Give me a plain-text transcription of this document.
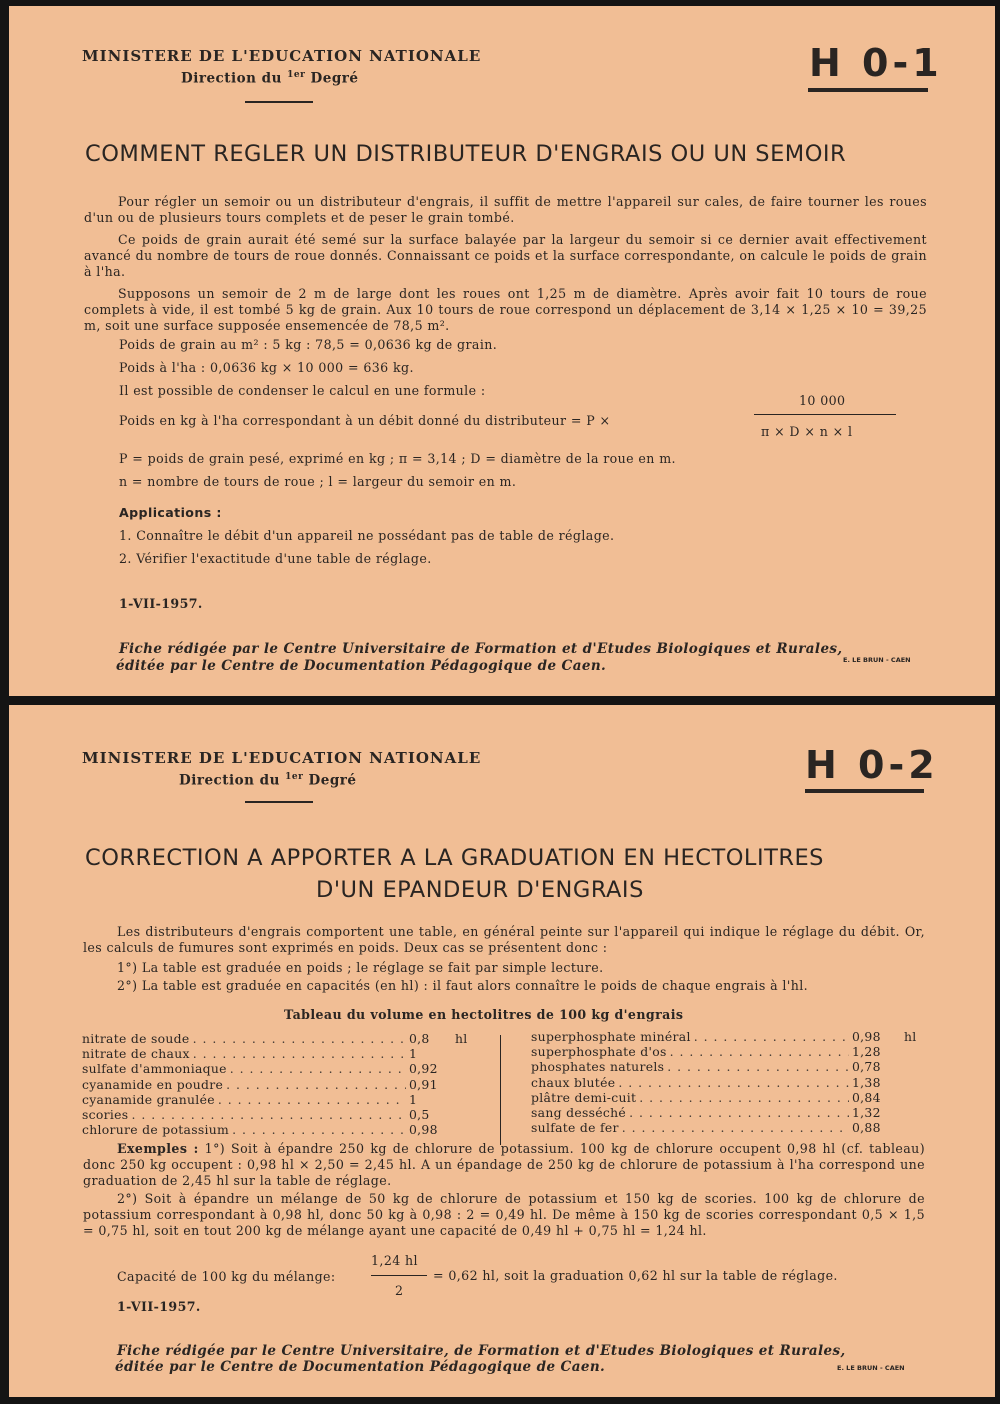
MINISTERE DE L'EDUCATION NATIONALE

Direction du $^{1er}$ Degré	H 0-1

COMMENT REGLER UN DISTRIBUTEUR D'ENGRAIS OU UN SEMOIR

Pour régler un semoir ou un distributeur d'engrais, il suffit de mettre l'appareil sur cales, de faire tourner les roues d'un ou de plusieurs tours complets et de peser le grain tombé.

Ce poids de grain aurait été semé sur la surface balayée par la largeur du semoir si ce dernier avait effectivement avancé du nombre de tours de roue donnés. Connaissant ce poids et la surface correspondante, on calcule le poids de grain à l'ha.

Supposons un semoir de 2 m de large dont les roues ont 1,25 m de diamètre. Après avoir fait 10 tours de roue complets à vide, il est tombé 5 kg de grain. Aux 10 tours de roue correspond un déplacement de 3,14 × 1,25 × 10 = 39,25 m, soit une surface supposée ensemencée de 78,5 m².

Poids de grain au m² : 5 kg : 78,5 = 0,0636 kg de grain.

Poids à l'ha : 0,0636 kg × 10 000 = 636 kg.

Il est possible de condenser le calcul en une formule :

Poids en kg à l'ha correspondant à un débit donné du distributeur = P ×

10 000

π × D × n × l

P = poids de grain pesé, exprimé en kg ; π = 3,14 ; D = diamètre de la roue en m.

n = nombre de tours de roue ; l = largeur du semoir en m.

Applications :

1. Connaître le débit d'un appareil ne possédant pas de table de réglage.

2. Vérifier l'exactitude d'une table de réglage.

1-VII-1957.

Fiche rédigée par le Centre Universitaire de Formation et d'Etudes Biologiques et Rurales,

éditée par le Centre de Documentation Pédagogique de Caen.	E. LE BRUN - CAEN

MINISTERE DE L'EDUCATION NATIONALE

Direction du $^{1er}$ Degré	H 0-2

CORRECTION A APPORTER A LA GRADUATION EN HECTOLITRES

D'UN EPANDEUR D'ENGRAIS

Les distributeurs d'engrais comportent une table, en général peinte sur l'appareil qui indique le réglage du débit. Or, les calculs de fumures sont exprimés en poids. Deux cas se présentent donc :

1°) La table est graduée en poids ; le réglage se fait par simple lecture.

2°) La table est graduée en capacités (en hl) : il faut alors connaître le poids de chaque engrais à l'hl.

Tableau du volume en hectolitres de 100 kg d'engrais

nitrate de soude . . .	0,8	hl
nitrate de chaux . . .	1
sulfate d'ammoniaque . . .	0,92
cyanamide en poudre . . .	0,91
cyanamide granulée . . .	1
scories . . .	0,5
chlorure de potassium . . .	0,98
superphosphate minéral . . .	0,98	hl
superphosphate d'os . . .	1,28
phosphates naturels . . .	0,78
chaux blutée . . .	1,38
plâtre demi-cuit . . .	0,84
sang desséché . . .	1,32
sulfate de fer . . .	0,88

Exemples : 1°) Soit à épandre 250 kg de chlorure de potassium. 100 kg de chlorure occupent 0,98 hl (cf. tableau) donc 250 kg occupent : 0,98 hl × 2,50 = 2,45 hl. A un épandage de 250 kg de chlorure de potassium à l'ha correspond une graduation de 2,45 hl sur la table de réglage.

2°) Soit à épandre un mélange de 50 kg de chlorure de potassium et 150 kg de scories. 100 kg de chlorure de potassium correspondant à 0,98 hl, donc 50 kg à 0,98 : 2 = 0,49 hl. De même à 150 kg de scories correspondant 0,5 × 1,5 = 0,75 hl, soit en tout 200 kg de mélange ayant une capacité de 0,49 hl + 0,75 hl = 1,24 hl.

Capacité de 100 kg du mélange:

1,24 hl

2

= 0,62 hl, soit la graduation 0,62 hl sur la table de réglage.

1-VII-1957.

Fiche rédigée par le Centre Universitaire, de Formation et d'Etudes Biologiques et Rurales,

éditée par le Centre de Documentation Pédagogique de Caen.	E. LE BRUN - CAEN
